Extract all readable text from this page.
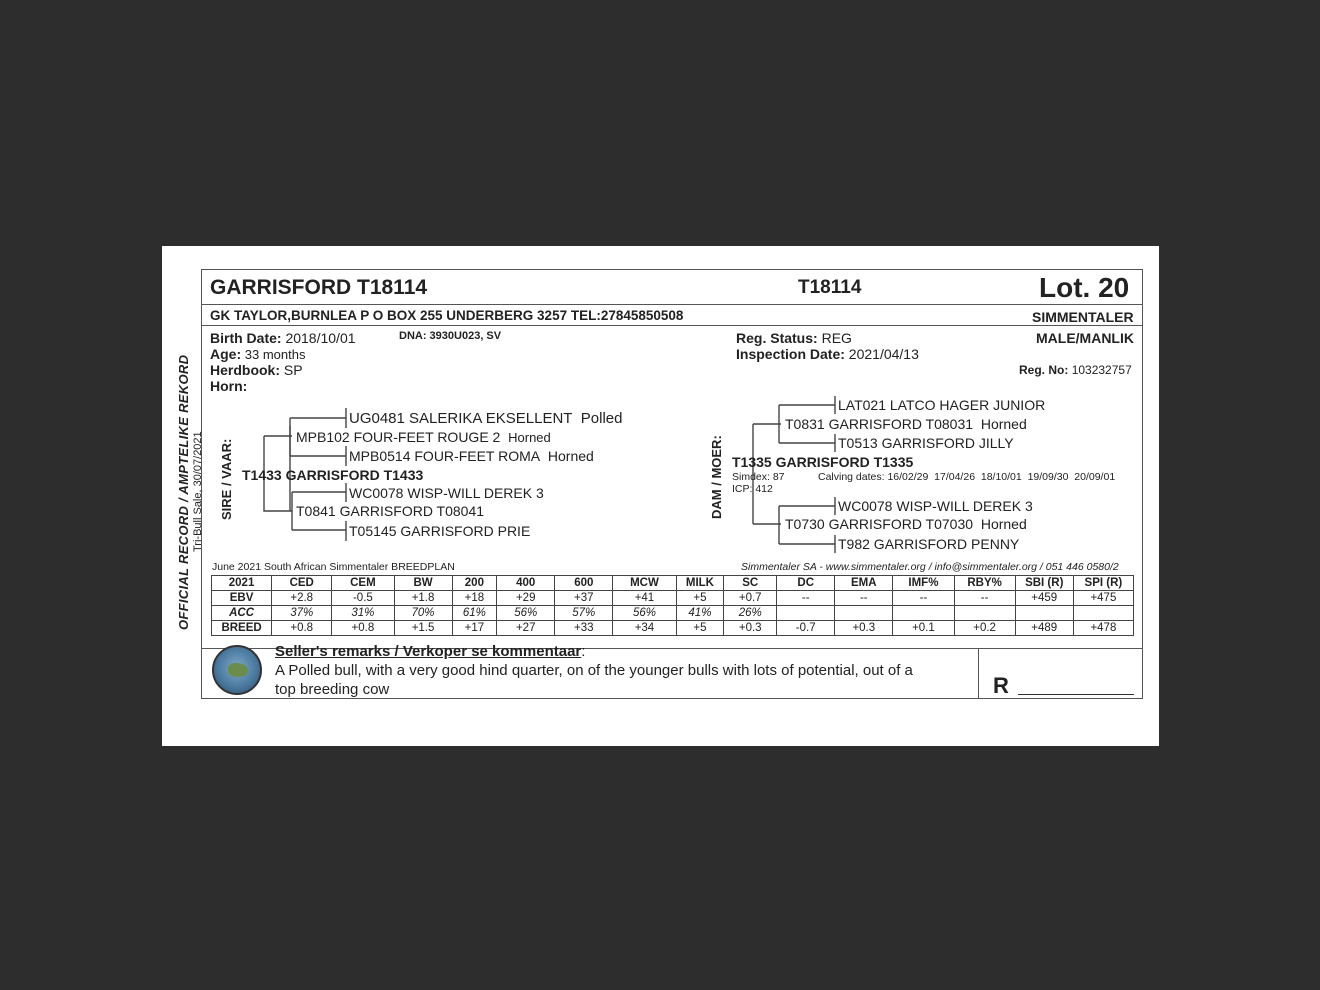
OFFICIAL RECORD / AMPTELIKE REKORD Tri-Bull Sale, 30/07/2021
GARRISFORD T18114	T18114	Lot. 20
GK TAYLOR,BURNLEA P O BOX 255 UNDERBERG 3257 TEL:27845850508	SIMMENTALER
Birth Date: 2018/10/01	DNA: 3930U023, SV
Age: 33 months
Herdbook: SP
Horn:
Reg. Status: REG
Inspection Date: 2021/04/13
MALE/MANLIK
Reg. No: 103232757
SIRE / VAAR:
UG0481 SALERIKA EKSELLENT Polled
MPB102 FOUR-FEET ROUGE 2 Horned
MPB0514 FOUR-FEET ROMA Horned
T1433 GARRISFORD T1433
WC0078 WISP-WILL DEREK 3
T0841 GARRISFORD T08041
T05145 GARRISFORD PRIE
DAM / MOER:
LAT021 LATCO HAGER JUNIOR
T0831 GARRISFORD T08031 Horned
T0513 GARRISFORD JILLY
T1335 GARRISFORD T1335
Simdex: 87
ICP: 412
Calving dates: 16/02/29  17/04/26  18/10/01  19/09/30  20/09/01
WC0078 WISP-WILL DEREK 3
T0730 GARRISFORD T07030 Horned
T982 GARRISFORD PENNY
June 2021 South African Simmentaler BREEDPLAN	Simmentaler SA - www.simmentaler.org / info@simmentaler.org / 051 446 0580/2
2021	CED	CEM	BW	200	400	600	MCW	MILK	SC	DC	EMA	IMF%	RBY%	SBI (R)	SPI (R)
EBV	+2.8	-0.5	+1.8	+18	+29	+37	+41	+5	+0.7	--	--	--	--	+459	+475
ACC	37%	31%	70%	61%	56%	57%	56%	41%	26%						
BREED	+0.8	+0.8	+1.5	+17	+27	+33	+34	+5	+0.3	-0.7	+0.3	+0.1	+0.2	+489	+478
Seller's remarks / Verkoper se kommentaar:
A Polled bull, with a very good hind quarter, on of the younger bulls with lots of potential, out of a
top breeding cow	R
